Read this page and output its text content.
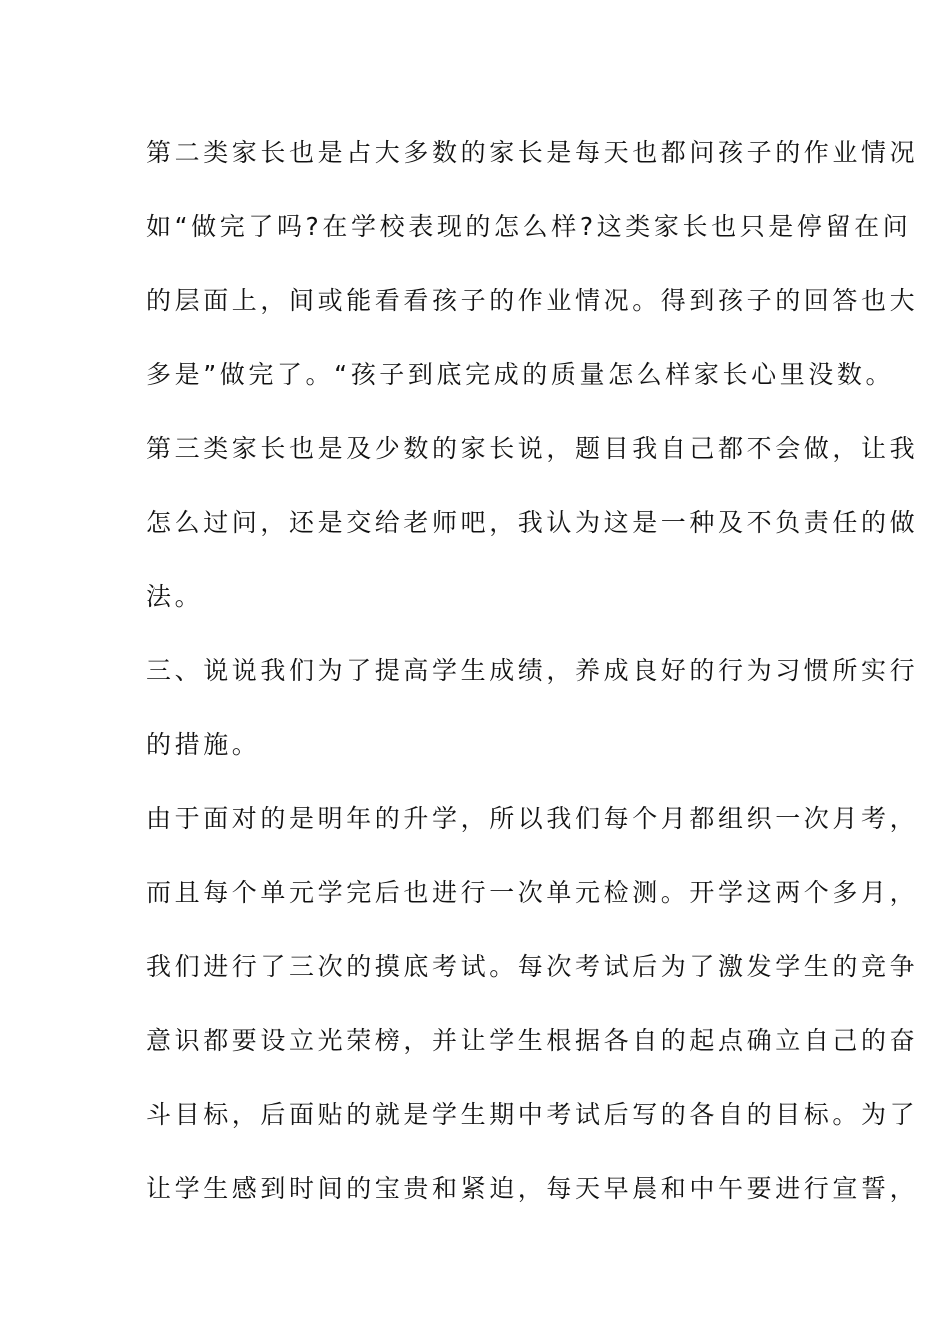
第二类家长也是占大多数的家长是每天也都问孩子的作业情况
如“做完了吗?在学校表现的怎么样?这类家长也只是停留在问
的层面上，间或能看看孩子的作业情况。得到孩子的回答也大
多是”做完了。“孩子到底完成的质量怎么样家长心里没数。
第三类家长也是及少数的家长说，题目我自己都不会做，让我
怎么过问，还是交给老师吧，我认为这是一种及不负责任的做
法。
三、说说我们为了提高学生成绩，养成良好的行为习惯所实行
的措施。
由于面对的是明年的升学，所以我们每个月都组织一次月考，
而且每个单元学完后也进行一次单元检测。开学这两个多月，
我们进行了三次的摸底考试。每次考试后为了激发学生的竞争
意识都要设立光荣榜，并让学生根据各自的起点确立自己的奋
斗目标，后面贴的就是学生期中考试后写的各自的目标。为了
让学生感到时间的宝贵和紧迫，每天早晨和中午要进行宣誓，
